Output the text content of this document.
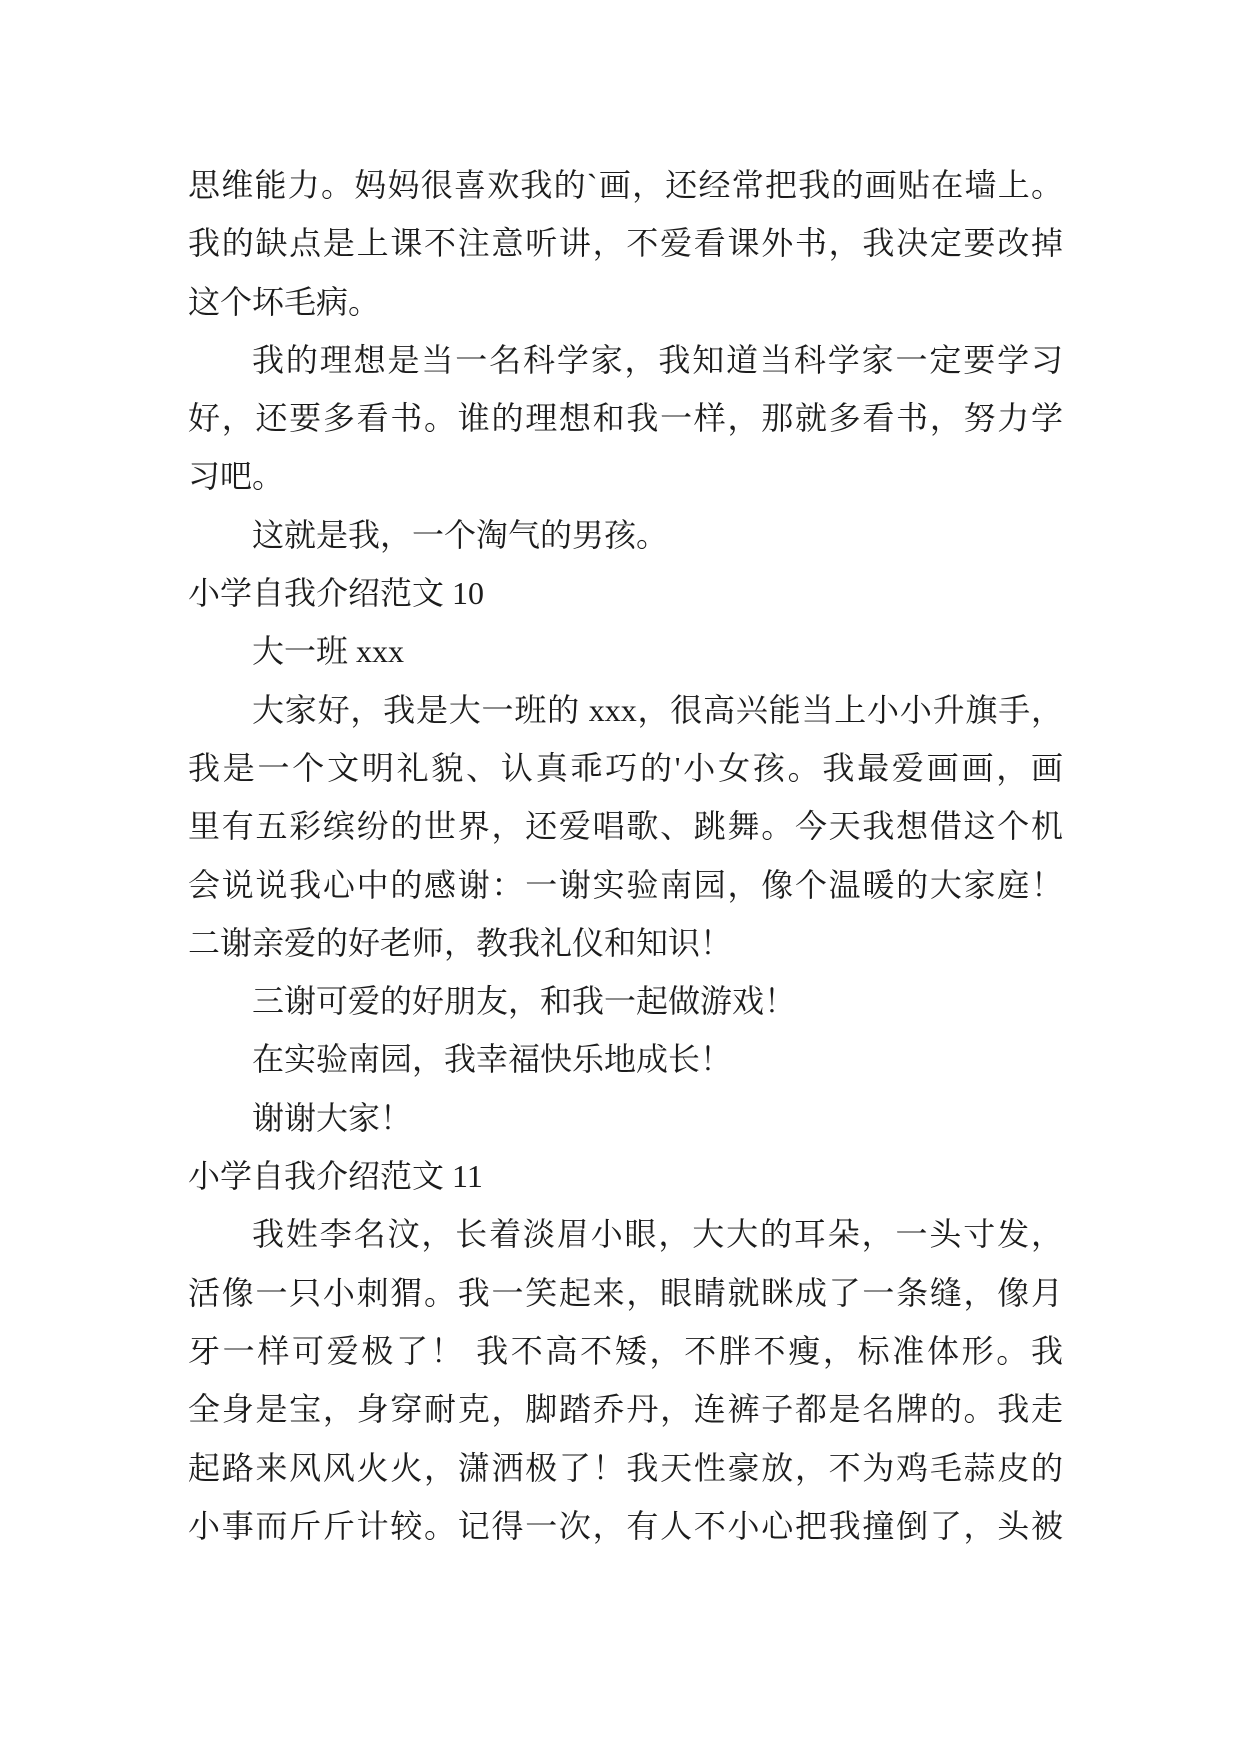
思维能力。妈妈很喜欢我的`画，还经常把我的画贴在墙上。
我的缺点是上课不注意听讲，不爱看课外书，我决定要改掉
这个坏毛病。
我的理想是当一名科学家，我知道当科学家一定要学习
好，还要多看书。谁的理想和我一样，那就多看书，努力学
习吧。
这就是我，一个淘气的男孩。
小学自我介绍范文 10
大一班 xxx
大家好，我是大一班的 xxx，很高兴能当上小小升旗手，
我是一个文明礼貌、认真乖巧的'小女孩。我最爱画画，画
里有五彩缤纷的世界，还爱唱歌、跳舞。今天我想借这个机
会说说我心中的感谢：一谢实验南园，像个温暖的大家庭！
二谢亲爱的好老师，教我礼仪和知识！
三谢可爱的好朋友，和我一起做游戏！
在实验南园，我幸福快乐地成长！
谢谢大家！
小学自我介绍范文 11
我姓李名汶，长着淡眉小眼，大大的耳朵，一头寸发，
活像一只小刺猬。我一笑起来，眼睛就眯成了一条缝，像月
牙一样可爱极了！ 我不高不矮，不胖不瘦，标准体形。我
全身是宝，身穿耐克，脚踏乔丹，连裤子都是名牌的。我走
起路来风风火火，潇洒极了！我天性豪放，不为鸡毛蒜皮的
小事而斤斤计较。记得一次，有人不小心把我撞倒了，头被
